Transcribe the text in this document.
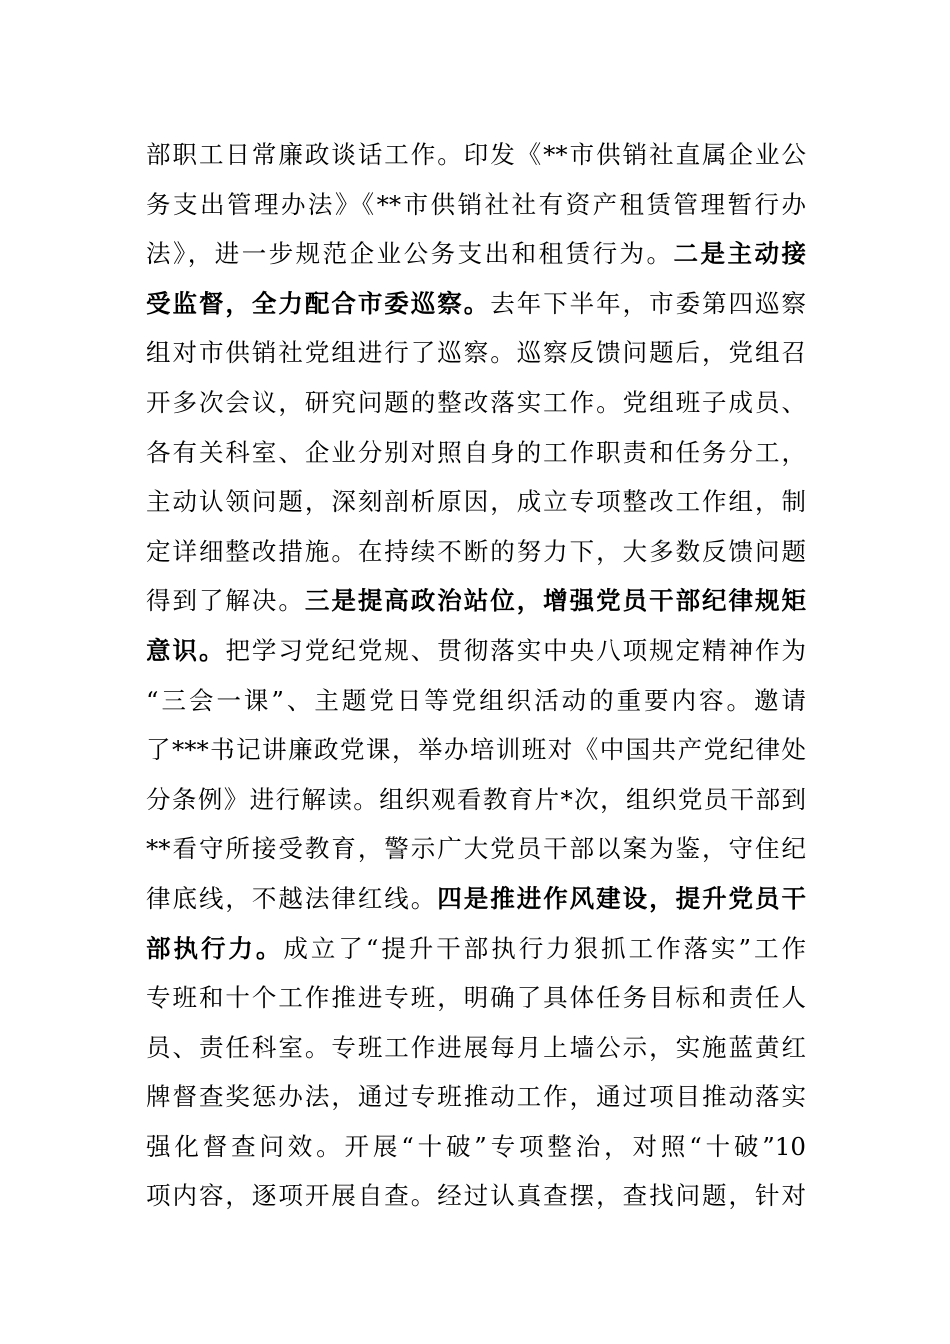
部职工日常廉政谈话工作。印发《**市供销社直属企业公
务支出管理办法》《**市供销社社有资产租赁管理暂行办
法》，进一步规范企业公务支出和租赁行为。二是主动接
受监督，全力配合市委巡察。去年下半年，市委第四巡察
组对市供销社党组进行了巡察。巡察反馈问题后，党组召
开多次会议，研究问题的整改落实工作。党组班子成员、
各有关科室、企业分别对照自身的工作职责和任务分工，
主动认领问题，深刻剖析原因，成立专项整改工作组，制
定详细整改措施。在持续不断的努力下，大多数反馈问题
得到了解决。三是提高政治站位，增强党员干部纪律规矩
意识。把学习党纪党规、贯彻落实中央八项规定精神作为
“三会一课”、主题党日等党组织活动的重要内容。邀请
了***书记讲廉政党课，举办培训班对《中国共产党纪律处
分条例》进行解读。组织观看教育片*次，组织党员干部到
**看守所接受教育，警示广大党员干部以案为鉴，守住纪
律底线，不越法律红线。四是推进作风建设，提升党员干
部执行力。成立了“提升干部执行力狠抓工作落实”工作
专班和十个工作推进专班，明确了具体任务目标和责任人
员、责任科室。专班工作进展每月上墙公示，实施蓝黄红
牌督查奖惩办法，通过专班推动工作，通过项目推动落实
强化督查问效。开展“十破”专项整治，对照“十破”10
项内容，逐项开展自查。经过认真查摆，查找问题，针对
